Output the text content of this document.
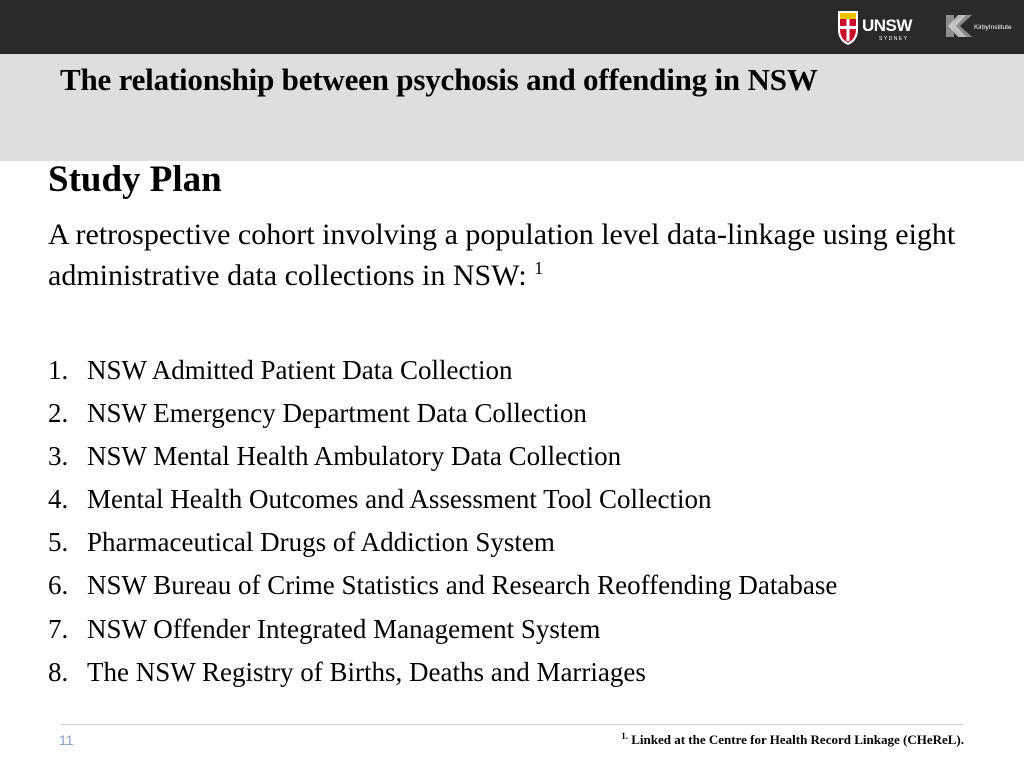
UNSW
SYDNEY
KirbyInstitute
The relationship between psychosis and offending in NSW
Study Plan

A retrospective cohort involving a population level data-linkage using eight administrative data collections in NSW: $^1$

1. NSW Admitted Patient Data Collection
2. NSW Emergency Department Data Collection
3. NSW Mental Health Ambulatory Data Collection
4. Mental Health Outcomes and Assessment Tool Collection
5. Pharmaceutical Drugs of Addiction System
6. NSW Bureau of Crime Statistics and Research Reoffending Database
7. NSW Offender Integrated Management System
8. The NSW Registry of Births, Deaths and Marriages
11	$^{1.}$ Linked at the Centre for Health Record Linkage (CHeReL).
